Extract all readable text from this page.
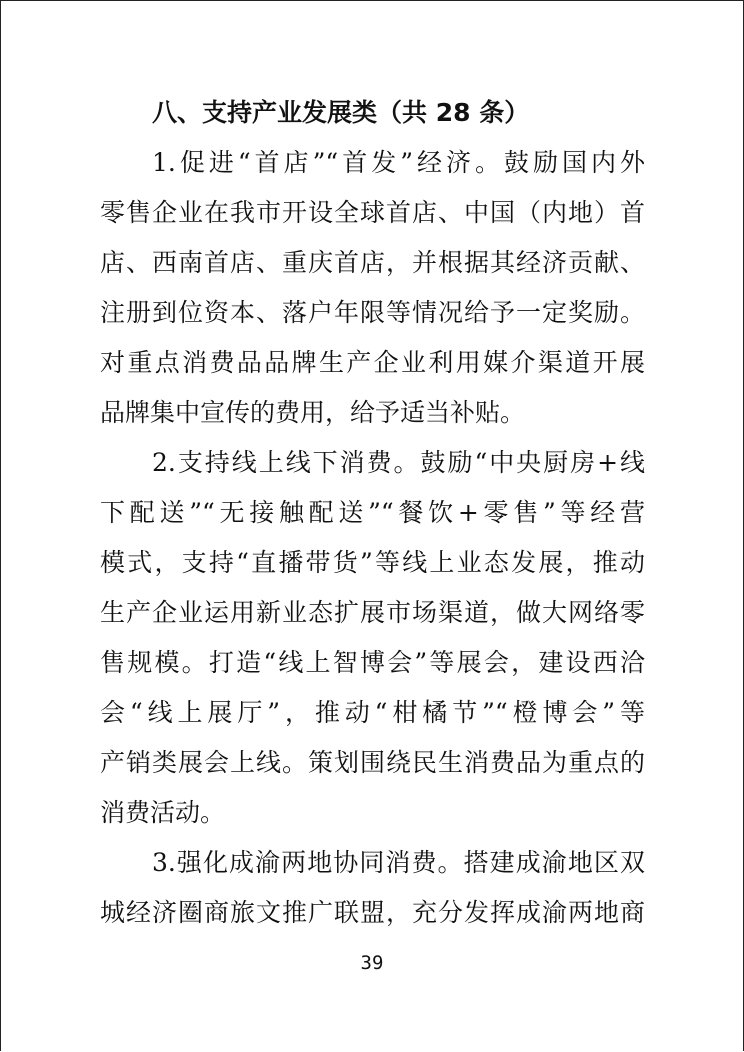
八、支持产业发展类（共 28 条）
1.促进“首店”“首发”经济。鼓励国内外
零售企业在我市开设全球首店、中国（内地）首
店、西南首店、重庆首店，并根据其经济贡献、
注册到位资本、落户年限等情况给予一定奖励。
对重点消费品品牌生产企业利用媒介渠道开展
品牌集中宣传的费用，给予适当补贴。
2.支持线上线下消费。鼓励“中央厨房+线
下配送”“无接触配送”“餐饮+零售”等经营
模式，支持“直播带货”等线上业态发展，推动
生产企业运用新业态扩展市场渠道，做大网络零
售规模。打造“线上智博会”等展会，建设西洽
会“线上展厅”，推动“柑橘节”“橙博会”等
产销类展会上线。策划围绕民生消费品为重点的
消费活动。
3.强化成渝两地协同消费。搭建成渝地区双
城经济圈商旅文推广联盟，充分发挥成渝两地商
39
